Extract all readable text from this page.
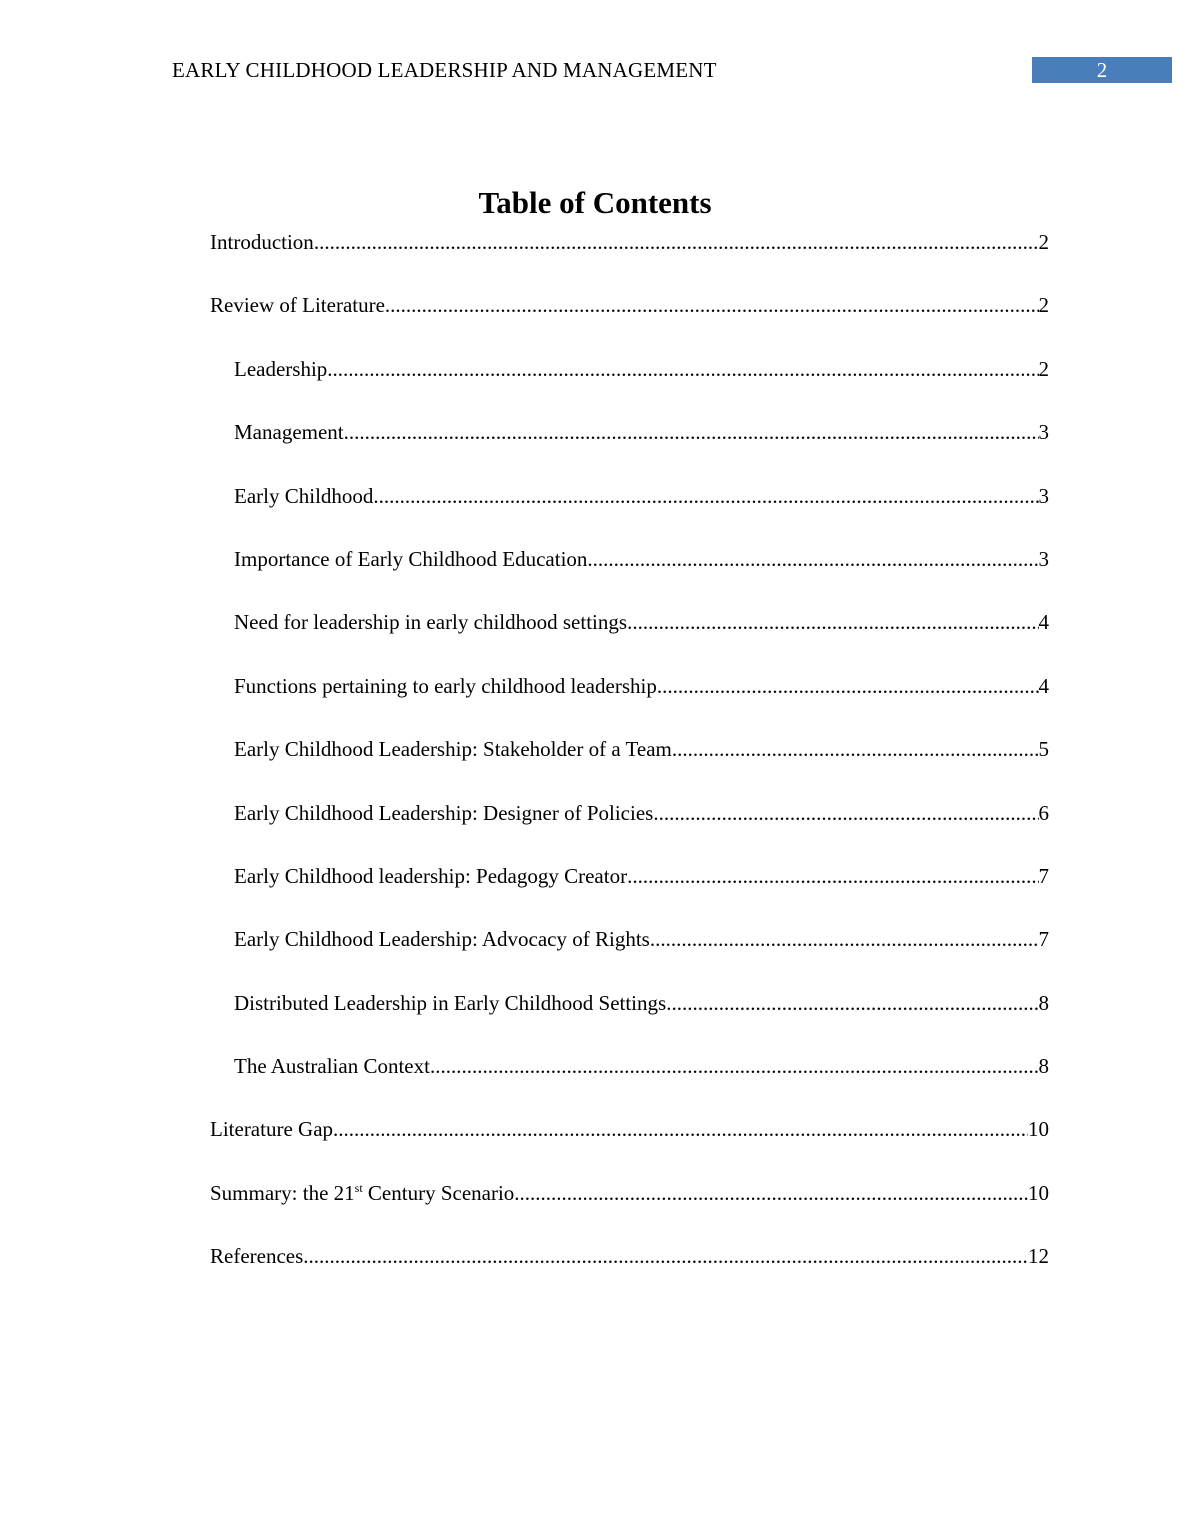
EARLY CHILDHOOD LEADERSHIP AND MANAGEMENT	2
Table of Contents
Introduction .....	2
Review of Literature .....	2
Leadership .....	2
Management .....	3
Early Childhood .....	3
Importance of Early Childhood Education .....	3
Need for leadership in early childhood settings .....	4
Functions pertaining to early childhood leadership .....	4
Early Childhood Leadership: Stakeholder of a Team .....	5
Early Childhood Leadership: Designer of Policies .....	6
Early Childhood leadership: Pedagogy Creator .....	7
Early Childhood Leadership: Advocacy of Rights .....	7
Distributed Leadership in Early Childhood Settings .....	8
The Australian Context .....	8
Literature Gap .....	10
Summary: the 21st Century Scenario .....	10
References .....	12
